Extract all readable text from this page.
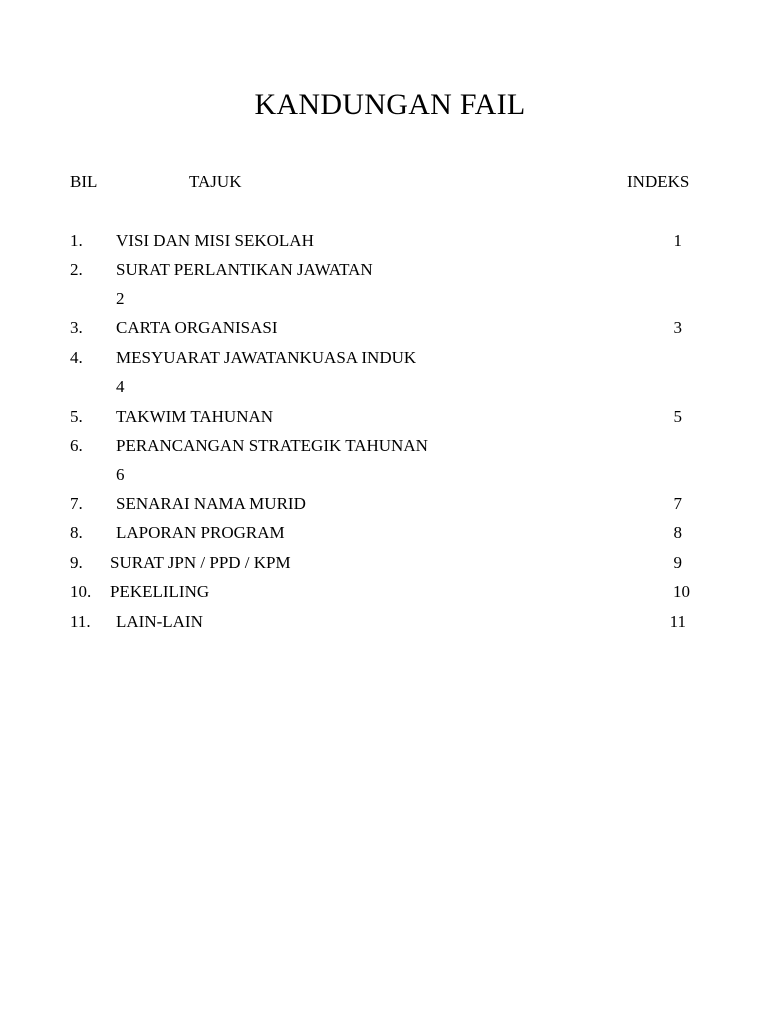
KANDUNGAN FAIL
BIL	TAJUK	INDEKS
1. VISI DAN MISI SEKOLAH	1
2. SURAT PERLANTIKAN JAWATAN
2
3. CARTA ORGANISASI	3
4. MESYUARAT JAWATANKUASA INDUK
4
5. TAKWIM TAHUNAN	5
6. PERANCANGAN STRATEGIK TAHUNAN
6
7. SENARAI NAMA MURID	7
8. LAPORAN PROGRAM	8
9. SURAT JPN / PPD / KPM	9
10. PEKELILING	10
11. LAIN-LAIN	11
